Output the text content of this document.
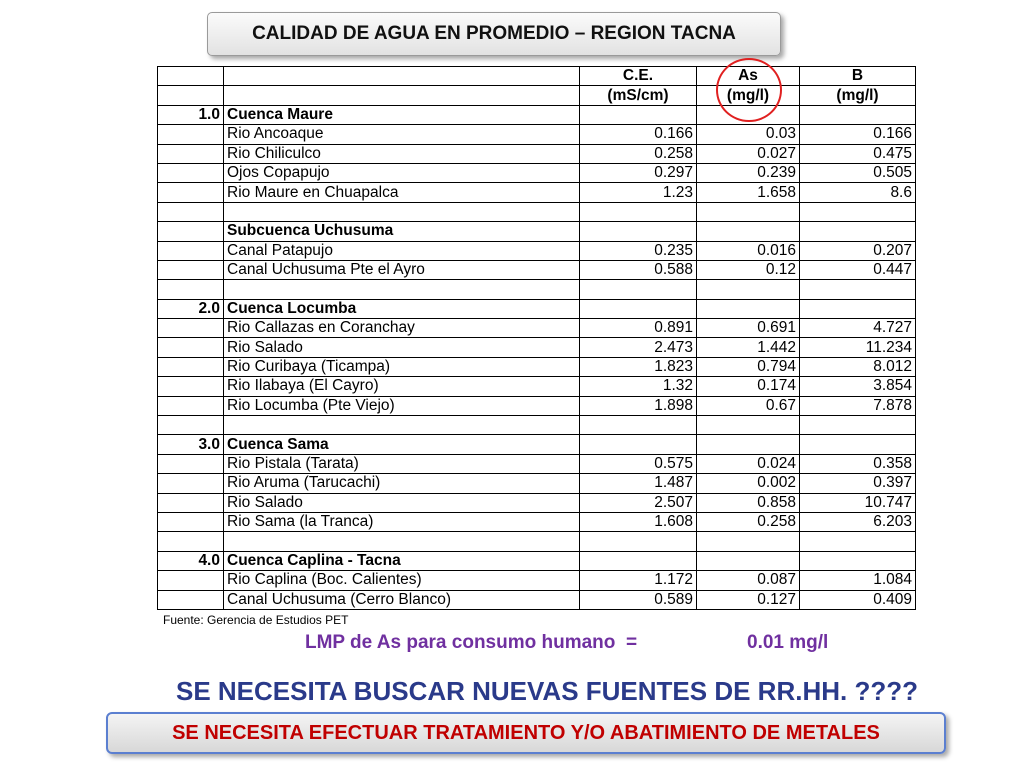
CALIDAD DE AGUA EN PROMEDIO – REGION TACNA
		C.E.	As	B
		(mS/cm)	(mg/l)	(mg/l)
1.0	Cuenca Maure			
	Rio Ancoaque	0.166	0.03	0.166
	Rio Chiliculco	0.258	0.027	0.475
	Ojos Copapujo	0.297	0.239	0.505
	Rio Maure en Chuapalca	1.23	1.658	8.6

	Subcuenca Uchusuma			
	Canal Patapujo	0.235	0.016	0.207
	Canal Uchusuma Pte el Ayro	0.588	0.12	0.447

2.0	Cuenca Locumba			
	Rio Callazas en Coranchay	0.891	0.691	4.727
	Rio Salado	2.473	1.442	11.234
	Rio Curibaya (Ticampa)	1.823	0.794	8.012
	Rio Ilabaya (El Cayro)	1.32	0.174	3.854
	Rio Locumba (Pte Viejo)	1.898	0.67	7.878

3.0	Cuenca Sama			
	Rio Pistala (Tarata)	0.575	0.024	0.358
	Rio Aruma (Tarucachi)	1.487	0.002	0.397
	Rio Salado	2.507	0.858	10.747
	Rio Sama (la Tranca)	1.608	0.258	6.203

4.0	Cuenca Caplina - Tacna			
	Rio Caplina (Boc. Calientes)	1.172	0.087	1.084
	Canal Uchusuma (Cerro Blanco)	0.589	0.127	0.409
Fuente: Gerencia de Estudios PET
LMP de As para consumo humano  =	0.01 mg/l
SE NECESITA BUSCAR NUEVAS FUENTES DE RR.HH. ????
SE NECESITA EFECTUAR TRATAMIENTO Y/O ABATIMIENTO DE METALES
